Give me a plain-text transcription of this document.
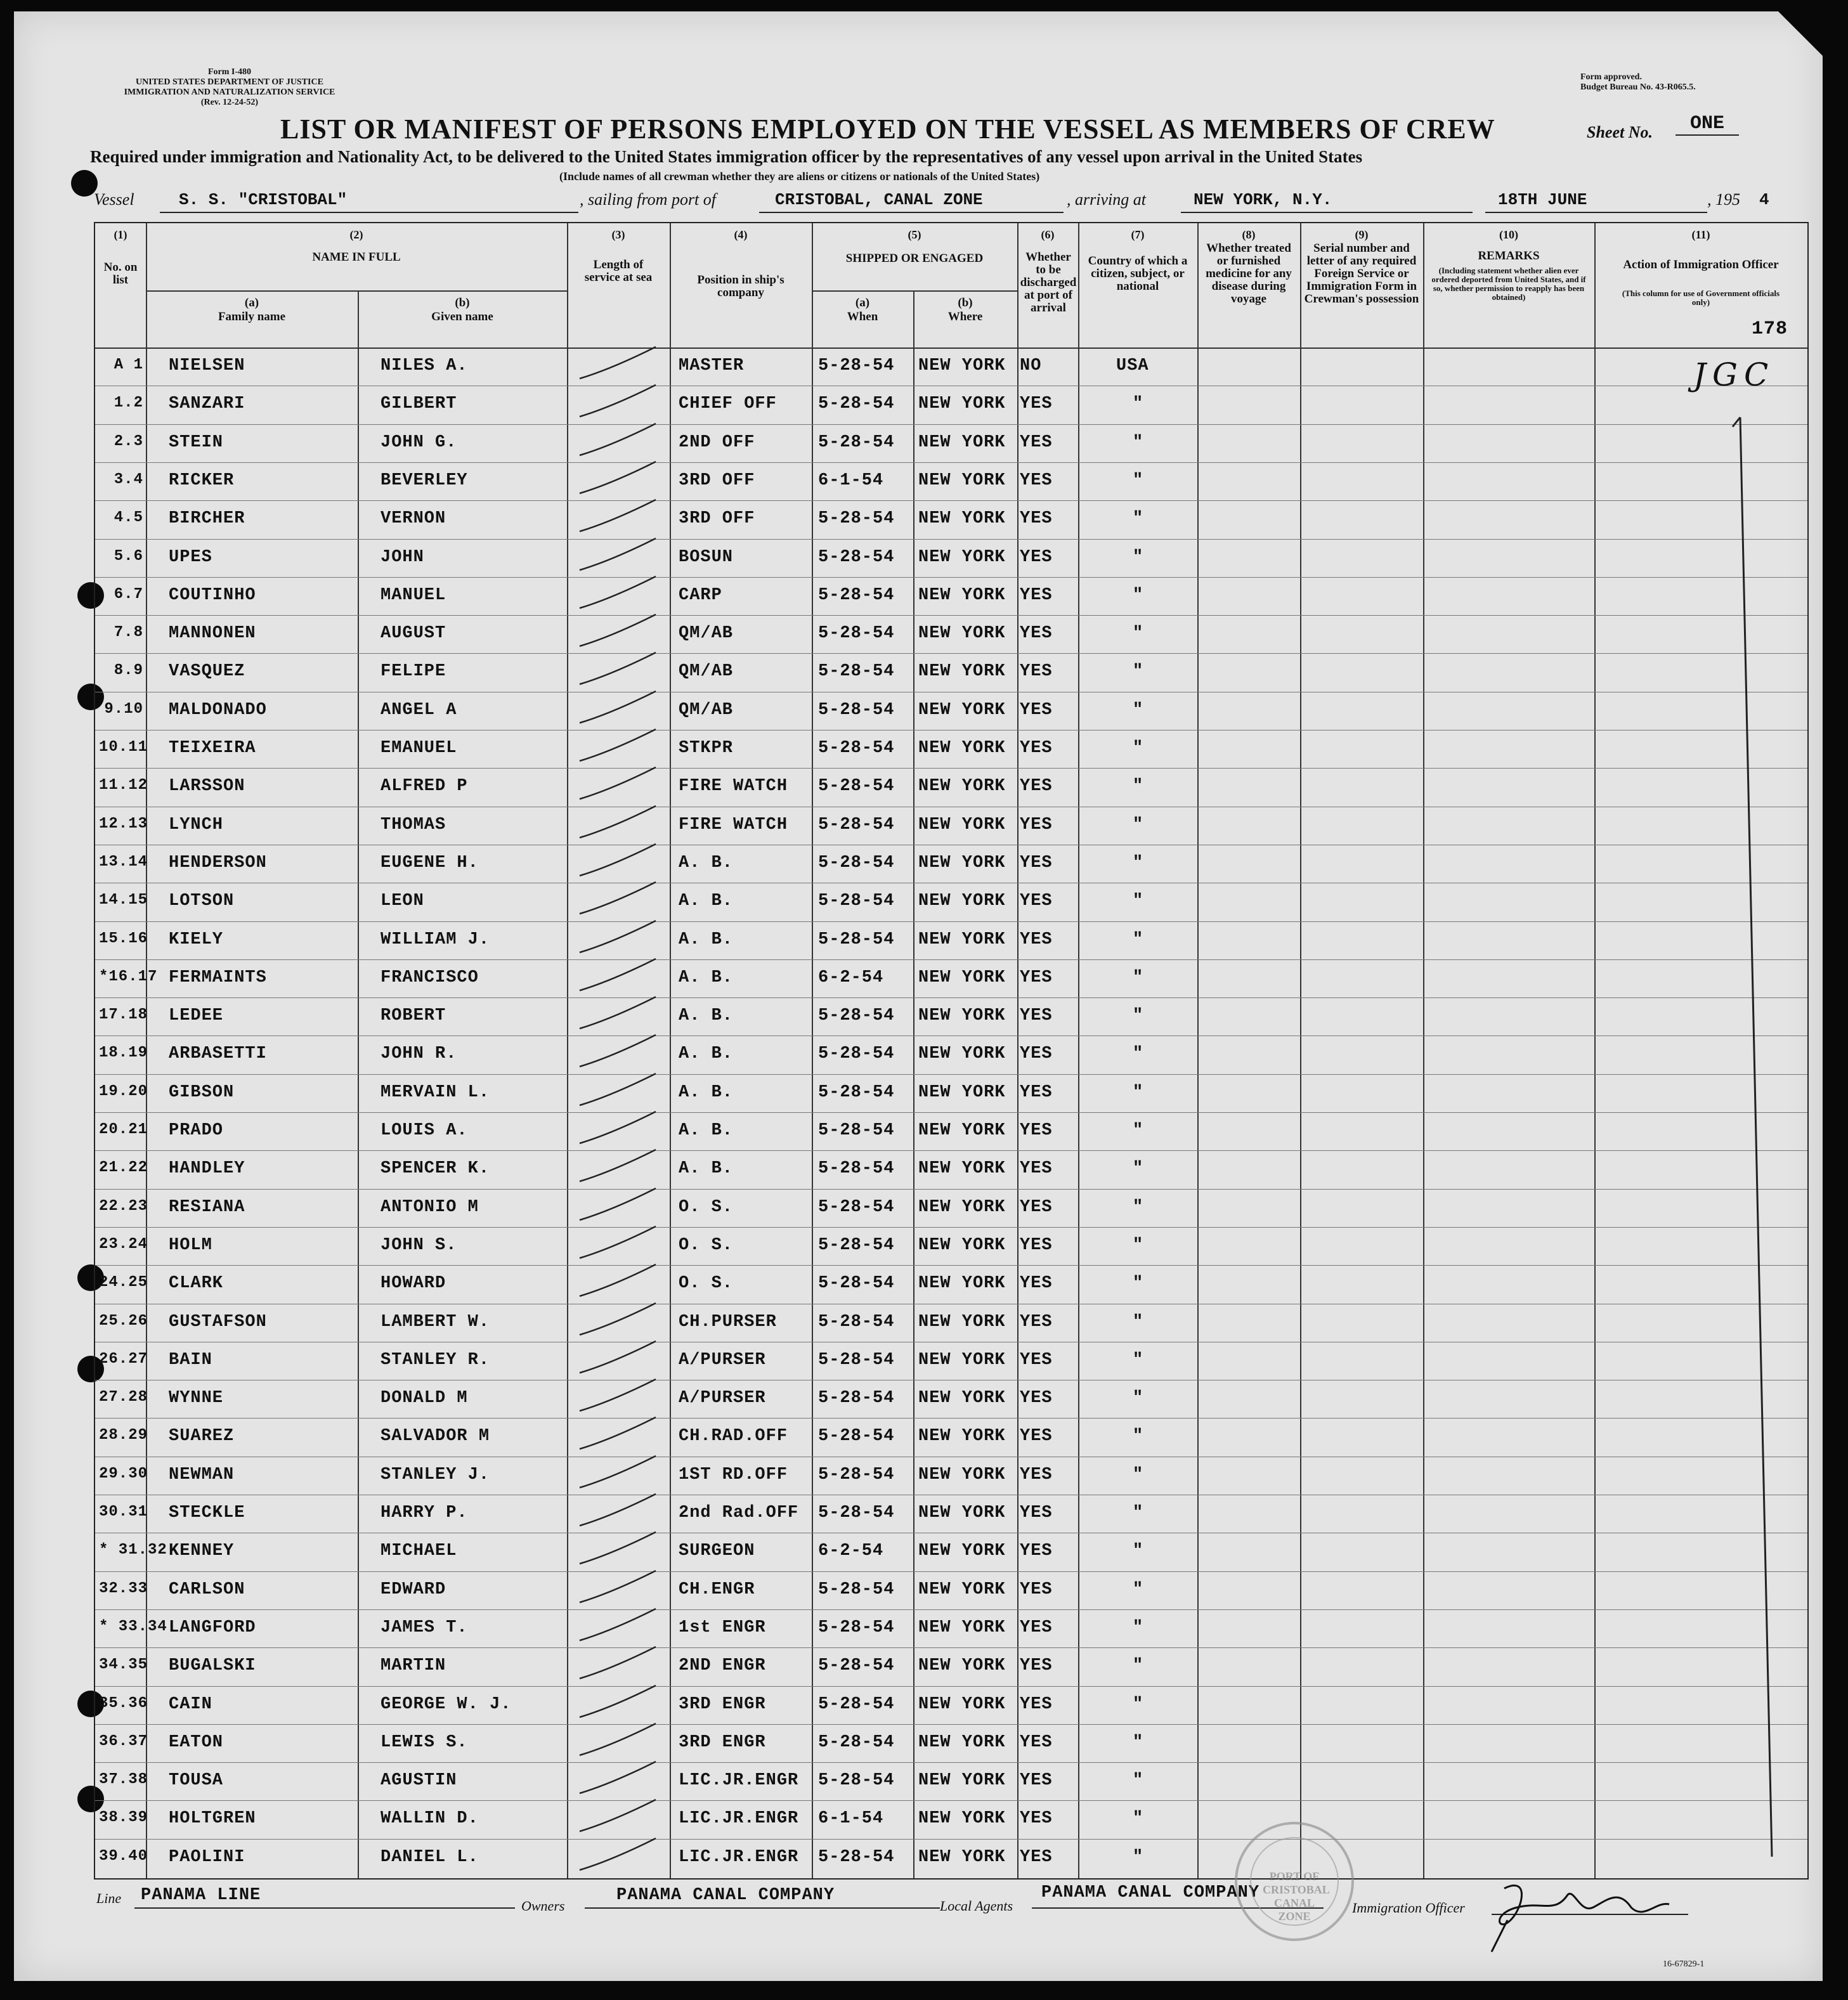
Form I-480
UNITED STATES DEPARTMENT OF JUSTICE
IMMIGRATION AND NATURALIZATION SERVICE
(Rev. 12-24-52)
Form approved.
Budget Bureau No. 43-R065.5.
LIST OR MANIFEST OF PERSONS EMPLOYED ON THE VESSEL AS MEMBERS OF CREW	Sheet No.	ONE
Required under immigration and Nationality Act, to be delivered to the United States immigration officer by the representatives of any vessel upon arrival in the United States
(Include names of all crewman whether they are aliens or citizens or nationals of the United States)
Vessel	S. S. "CRISTOBAL"	, sailing from port of	CRISTOBAL, CANAL ZONE	, arriving at	NEW YORK, N.Y.	18TH JUNE	, 195 4
(1)	(2)	(3)	(4)	(5)	(6)	(7)	(8)	(9)	(10)	(11)
No. on list
NAME IN FULL
(a)
Family name
(b)
Given name
Length of service at sea	Position in ship's company
SHIPPED OR ENGAGED
(a)
When
(b)
Where
Whether to be discharged at port of arrival
Country of which a citizen, subject, or national
Whether treated or furnished medicine for any disease during voyage
Serial number and letter of any required Foreign Service or Immigration Form in Crewman's possession
REMARKS
(Including statement whether alien ever ordered deported from United States, and if so, whether permission to reapply has been obtained)
Action of Immigration Officer
(This column for use of Government officials only)
178
A 1 NIELSEN	NILES A.	MASTER	5-28-54 NEW YORK NO	USA
1.2 SANZARI	GILBERT	CHIEF OFF 5-28-54 NEW YORK YES	"
2.3 STEIN	JOHN G.	2ND OFF	5-28-54 NEW YORK YES	"
3.4 RICKER	BEVERLEY	3RD OFF	6-1-54 NEW YORK YES	"
4.5 BIRCHER	VERNON	3RD OFF	5-28-54 NEW YORK YES	"
5.6 UPES	JOHN	BOSUN	5-28-54 NEW YORK YES	"
6.7 COUTINHO	MANUEL	CARP	5-28-54 NEW YORK YES	"
7.8 MANNONEN	AUGUST	QM/AB	5-28-54 NEW YORK YES	"
8.9 VASQUEZ	FELIPE	QM/AB	5-28-54 NEW YORK YES	"
9.10 MALDONADO	ANGEL A	QM/AB	5-28-54 NEW YORK YES	"
10.11 TEIXEIRA	EMANUEL	STKPR	5-28-54 NEW YORK YES	"
11.12 LARSSON	ALFRED P	FIRE WATCH 5-28-54 NEW YORK YES	"
12.13 LYNCH	THOMAS	FIRE WATCH 5-28-54 NEW YORK YES	"
13.14 HENDERSON	EUGENE H.	A. B.	5-28-54 NEW YORK YES	"
14.15 LOTSON	LEON	A. B.	5-28-54 NEW YORK YES	"
15.16 KIELY	WILLIAM J.	A. B.	5-28-54 NEW YORK YES	"
*16.17 FERMAINTS	FRANCISCO	A. B.	6-2-54 NEW YORK YES	"
17.18 LEDEE	ROBERT	A. B.	5-28-54 NEW YORK YES	"
18.19 ARBASETTI	JOHN R.	A. B.	5-28-54 NEW YORK YES	"
19.20 GIBSON	MERVAIN L.	A. B.	5-28-54 NEW YORK YES	"
20.21 PRADO	LOUIS A.	A. B.	5-28-54 NEW YORK YES	"
21.22 HANDLEY	SPENCER K.	A. B.	5-28-54 NEW YORK YES	"
22.23 RESIANA	ANTONIO M	O. S.	5-28-54 NEW YORK YES	"
23.24 HOLM	JOHN S.	O. S.	5-28-54 NEW YORK YES	"
24.25 CLARK	HOWARD	O. S.	5-28-54 NEW YORK YES	"
25.26 GUSTAFSON	LAMBERT W.	CH.PURSER 5-28-54 NEW YORK YES	"
26.27 BAIN	STANLEY R.	A/PURSER	5-28-54 NEW YORK YES	"
27.28 WYNNE	DONALD M	A/PURSER	5-28-54 NEW YORK YES	"
28.29 SUAREZ	SALVADOR M	CH.RAD.OFF 5-28-54 NEW YORK YES	"
29.30 NEWMAN	STANLEY J.	1ST RD.OFF 5-28-54 NEW YORK YES	"
30.31 STECKLE	HARRY P.	2nd Rad.OFF 5-28-54 NEW YORK YES	"
* 31.32 KENNEY	MICHAEL	SURGEON	6-2-54 NEW YORK YES	"
32.33 CARLSON	EDWARD	CH.ENGR	5-28-54 NEW YORK YES	"
* 33.34 LANGFORD	JAMES T.	1st ENGR	5-28-54 NEW YORK YES	"
34.35 BUGALSKI	MARTIN	2ND ENGR	5-28-54 NEW YORK YES	"
35.36 CAIN	GEORGE W. J.	3RD ENGR	5-28-54 NEW YORK YES	"
36.37 EATON	LEWIS S.	3RD ENGR	5-28-54 NEW YORK YES	"
37.38 TOUSA	AGUSTIN	LIC.JR.ENGR 5-28-54 NEW YORK YES	"
38.39 HOLTGREN	WALLIN D.	LIC.JR.ENGR 6-1-54 NEW YORK YES	"
39.40 PAOLINI	DANIEL L.	LIC.JR.ENGR 5-28-54 NEW YORK YES	"
JGC
Line PANAMA LINE
Owners
PANAMA CANAL COMPANY
Local Agents
PANAMA CANAL COMPANY
Immigration Officer
PORT OF CRISTOBAL CANAL ZONE
16-67829-1
